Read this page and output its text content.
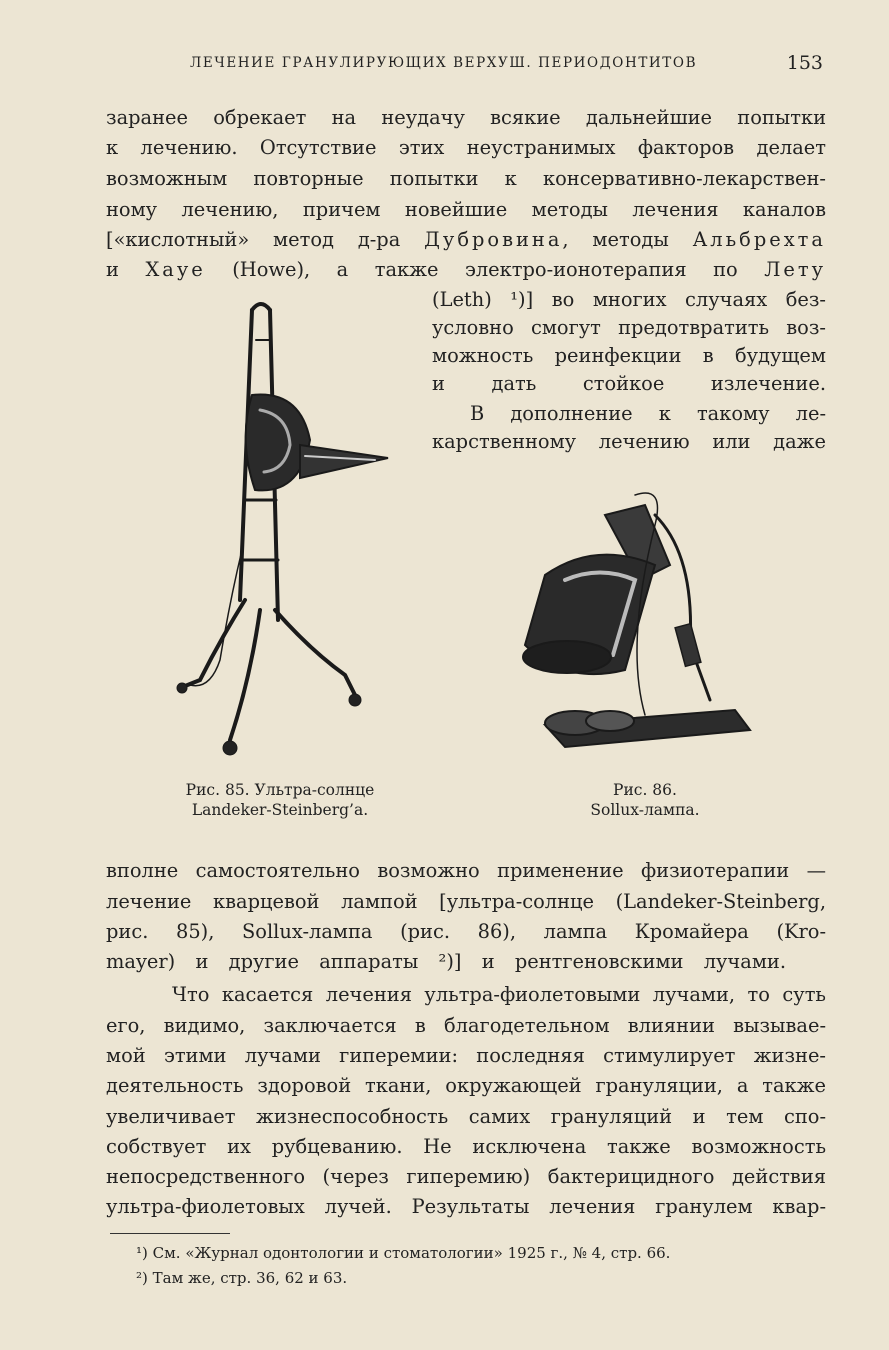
ЛЕЧЕНИЕ ГРАНУЛИРУЮЩИХ ВЕРХУШ. ПЕРИОДОНТИТОВ	153
заранее обрекает на неудачу всякие дальнейшие попытки
к лечению. Отсутствие этих неустранимых факторов делает
возможным повторные попытки к консервативно-лекарствен-
ному лечению, причем новейшие методы лечения каналов
[«кислотный» метод д-ра Дубровина, методы Альбрехта
и Хауе (Howe), а также электро-ионотерапия по Лету
(Leth) ¹)] во многих случаях без-
условно смогут предотвратить воз-
можность реинфекции в будущем
и дать стойкое излечение.
В дополнение к такому ле-
карственному лечению или даже
Рис. 85. Ультра-солнце
Landeker-Steinberg’a.
Рис. 86.
Sollux-лампа.
вполне самостоятельно возможно применение физиотерапии —
лечение кварцевой лампой [ультра-солнце (Landeker-Steinberg,
рис. 85), Sollux-лампа (рис. 86), лампа Кромайера (Kro-
mayer) и другие аппараты ²)] и рентгеновскими лучами.
Что касается лечения ультра-фиолетовыми лучами, то суть
его, видимо, заключается в благодетельном влиянии вызывае-
мой этими лучами гиперемии: последняя стимулирует жизне-
деятельность здоровой ткани, окружающей грануляции, а также
увеличивает жизнеспособность самих грануляций и тем спо-
собствует их рубцеванию. Не исключена также возможность
непосредственного (через гиперемию) бактерицидного действия
ультра-фиолетовых лучей. Результаты лечения гранулем квар-
¹) См. «Журнал одонтологии и стоматологии» 1925 г., № 4, стр. 66.
²) Там же, стр. 36, 62 и 63.
